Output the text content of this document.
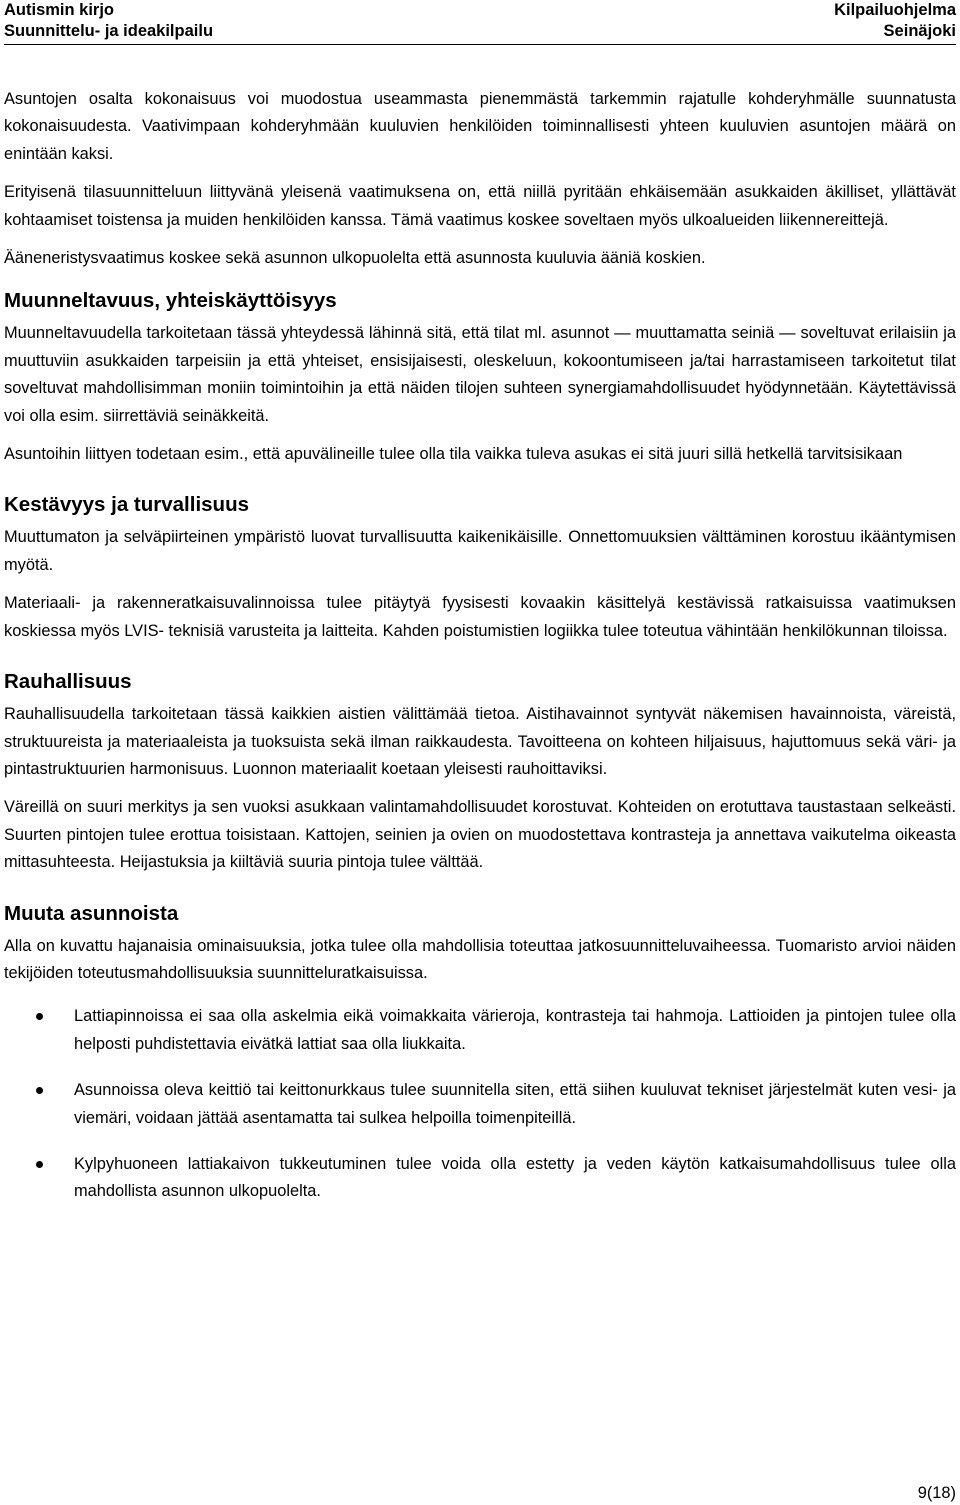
Autismin kirjo
Suunnittelu- ja ideakilpailu
Kilpailuohjelma
Seinäjoki

Asuntojen osalta kokonaisuus voi muodostua useammasta pienemmästä tarkemmin rajatulle kohderyhmälle suunnatusta kokonaisuudesta. Vaativimpaan kohderyhmään kuuluvien henkilöiden toiminnallisesti yhteen kuuluvien asuntojen määrä on enintään kaksi.

Erityisenä tilasuunnitteluun liittyvänä yleisenä vaatimuksena on, että niillä pyritään ehkäisemään asukkaiden äkilliset, yllättävät kohtaamiset toistensa ja muiden henkilöiden kanssa. Tämä vaatimus koskee soveltaen myös ulkoalueiden liikennereittejä.

Ääneneristysvaatimus koskee sekä asunnon ulkopuolelta että asunnosta kuuluvia ääniä koskien.

Muunneltavuus, yhteiskäyttöisyys

Muunneltavuudella tarkoitetaan tässä yhteydessä lähinnä sitä, että tilat ml. asunnot — muuttamatta seiniä — soveltuvat erilaisiin ja muuttuviin asukkaiden tarpeisiin ja että yhteiset, ensisijaisesti, oleskeluun, kokoontumiseen ja/tai harrastamiseen tarkoitetut tilat soveltuvat mahdollisimman moniin toimintoihin ja että näiden tilojen suhteen synergiamahdollisuudet hyödynnetään. Käytettävissä voi olla esim. siirrettäviä seinäkkeitä.

Asuntoihin liittyen todetaan esim., että apuvälineille tulee olla tila vaikka tuleva asukas ei sitä juuri sillä hetkellä tarvitsisikaan

Kestävyys ja turvallisuus

Muuttumaton ja selväpiirteinen ympäristö luovat turvallisuutta kaikenikäisille. Onnettomuuksien välttäminen korostuu ikääntymisen myötä.

Materiaali- ja rakenneratkaisuvalinnoissa tulee pitäytyä fyysisesti kovaakin käsittelyä kestävissä ratkaisuissa vaatimuksen koskiessa myös LVIS- teknisiä varusteita ja laitteita. Kahden poistumistien logiikka tulee toteutua vähintään henkilökunnan tiloissa.

Rauhallisuus

Rauhallisuudella tarkoitetaan tässä kaikkien aistien välittämää tietoa. Aistihavainnot syntyvät näkemisen havainnoista, väreistä, struktuureista ja materiaaleista ja tuoksuista sekä ilman raikkaudesta. Tavoitteena on kohteen hiljaisuus, hajuttomuus sekä väri- ja pintastruktuurien harmonisuus. Luonnon materiaalit koetaan yleisesti rauhoittaviksi.

Väreillä on suuri merkitys ja sen vuoksi asukkaan valintamahdollisuudet korostuvat. Kohteiden on erotuttava taustastaan selkeästi. Suurten pintojen tulee erottua toisistaan. Kattojen, seinien ja ovien on muodostettava kontrasteja ja annettava vaikutelma oikeasta mittasuhteesta. Heijastuksia ja kiiltäviä suuria pintoja tulee välttää.

Muuta asunnoista

Alla on kuvattu hajanaisia ominaisuuksia, jotka tulee olla mahdollisia toteuttaa jatkosuunnitteluvaiheessa. Tuomaristo arvioi näiden tekijöiden toteutusmahdollisuuksia suunnitteluratkaisuissa.

Lattiapinnoissa ei saa olla askelmia eikä voimakkaita värieroja, kontrasteja tai hahmoja. Lattioiden ja pintojen tulee olla helposti puhdistettavia eivätkä lattiat saa olla liukkaita.
Asunnoissa oleva keittiö tai keittonurkkaus tulee suunnitella siten, että siihen kuuluvat tekniset järjestelmät kuten vesi- ja viemäri, voidaan jättää asentamatta tai sulkea helpoilla toimenpiteillä.
Kylpyhuoneen lattiakaivon tukkeutuminen tulee voida olla estetty ja veden käytön katkaisumahdollisuus tulee olla mahdollista asunnon ulkopuolelta.
9(18)
